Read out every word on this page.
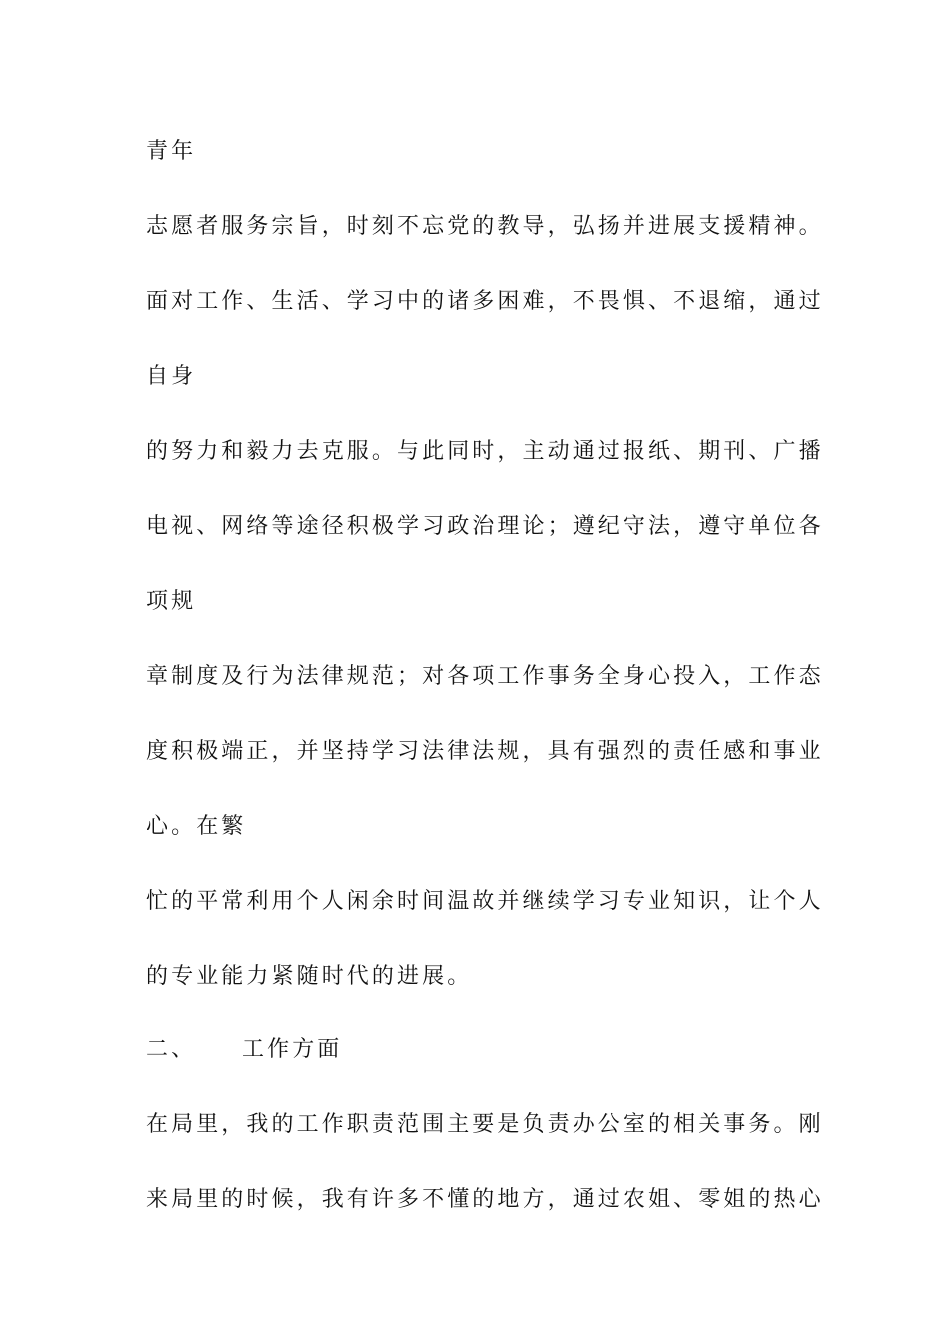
青年
志愿者服务宗旨，时刻不忘党的教导，弘扬并进展支援精神。
面对工作、生活、学习中的诸多困难，不畏惧、不退缩，通过
自身
的努力和毅力去克服。与此同时，主动通过报纸、期刊、广播
电视、网络等途径积极学习政治理论；遵纪守法，遵守单位各
项规
章制度及行为法律规范；对各项工作事务全身心投入，工作态
度积极端正，并坚持学习法律法规，具有强烈的责任感和事业
心。在繁
忙的平常利用个人闲余时间温故并继续学习专业知识，让个人
的专业能力紧随时代的进展。
二、 工作方面
在局里，我的工作职责范围主要是负责办公室的相关事务。刚
来局里的时候，我有许多不懂的地方，通过农姐、零姐的热心
